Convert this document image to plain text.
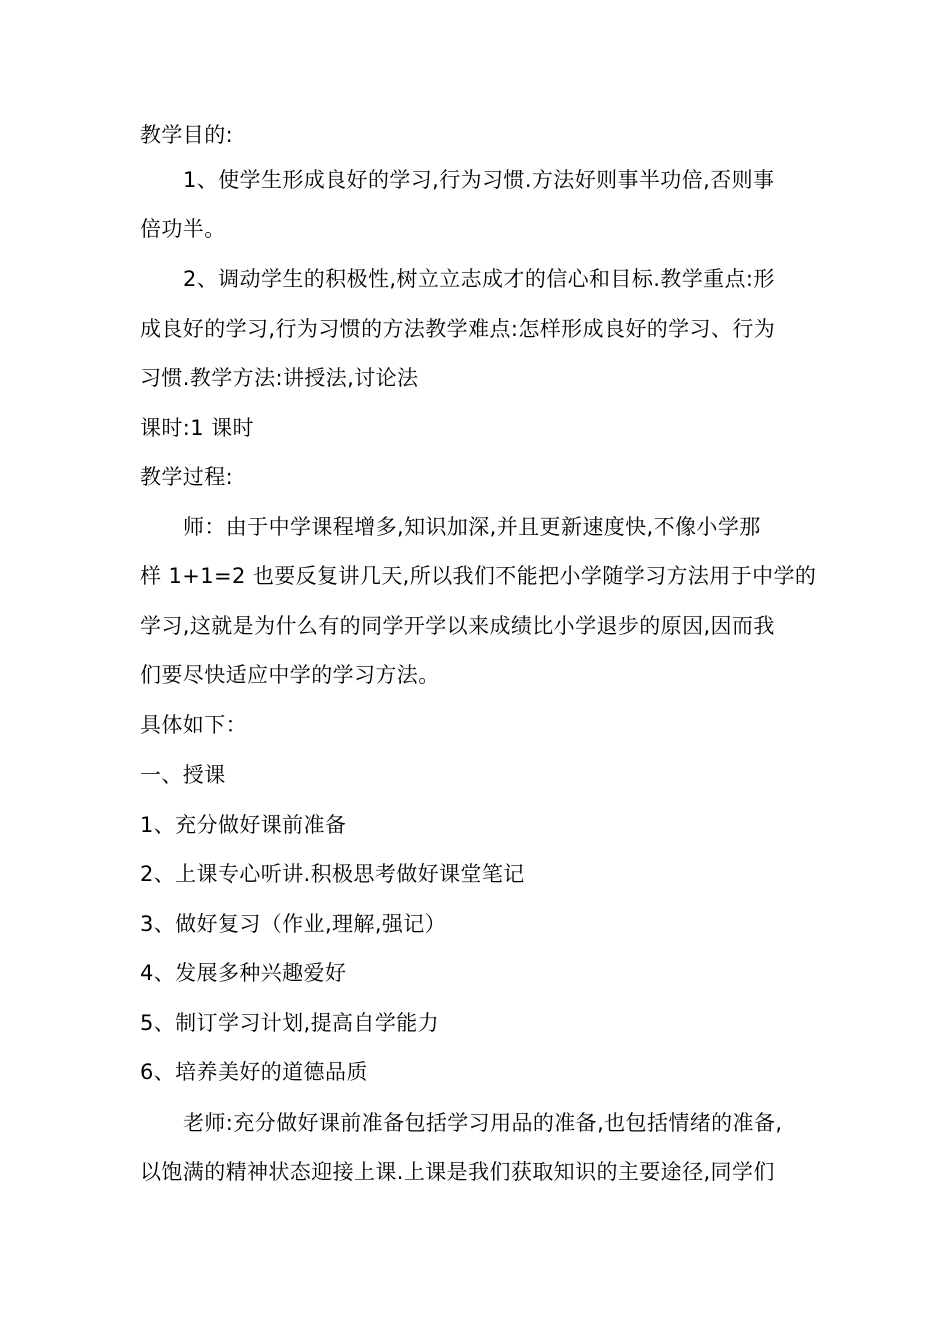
教学目的:
1、使学生形成良好的学习,行为习惯.方法好则事半功倍,否则事
倍功半。
2、调动学生的积极性,树立立志成才的信心和目标.教学重点:形
成良好的学习,行为习惯的方法教学难点:怎样形成良好的学习、行为
习惯.教学方法:讲授法,讨论法
课时:1 课时
教学过程:
师：由于中学课程增多,知识加深,并且更新速度快,不像小学那
样 1+1=2 也要反复讲几天,所以我们不能把小学随学习方法用于中学的
学习,这就是为什么有的同学开学以来成绩比小学退步的原因,因而我
们要尽快适应中学的学习方法。
具体如下：
一、授课
1、充分做好课前准备
2、上课专心听讲.积极思考做好课堂笔记
3、做好复习（作业,理解,强记）
4、发展多种兴趣爱好
5、制订学习计划,提高自学能力
6、培养美好的道德品质
老师:充分做好课前准备包括学习用品的准备,也包括情绪的准备,
以饱满的精神状态迎接上课.上课是我们获取知识的主要途径,同学们
